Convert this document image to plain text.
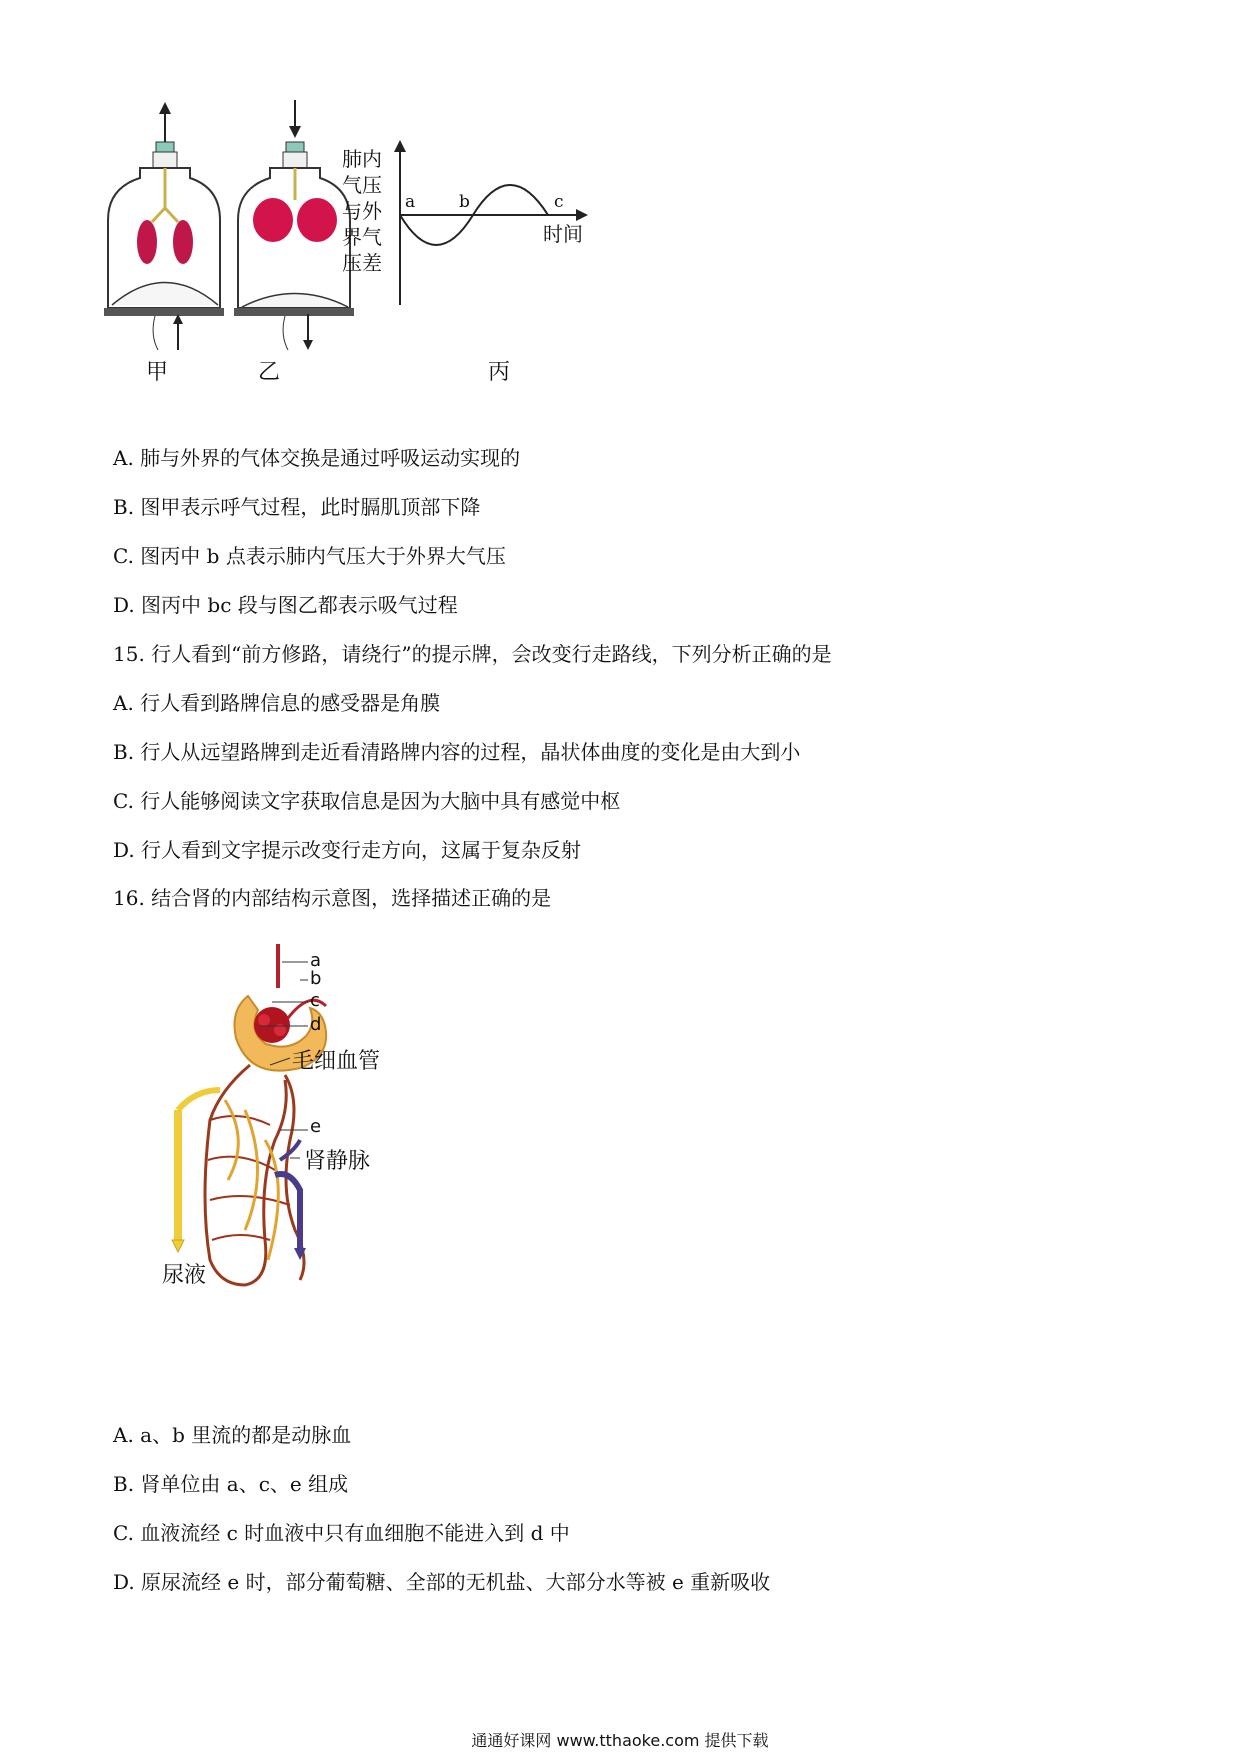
肺内
气压
与外
界气
压差
时间
a	b	c
甲	乙	丙
A. 肺与外界的气体交换是通过呼吸运动实现的
B. 图甲表示呼气过程，此时膈肌顶部下降
C. 图丙中 b 点表示肺内气压大于外界大气压
D. 图丙中 bc 段与图乙都表示吸气过程
15. 行人看到“前方修路，请绕行”的提示牌，会改变行走路线，下列分析正确的是
A. 行人看到路牌信息的感受器是角膜
B. 行人从远望路牌到走近看清路牌内容的过程，晶状体曲度的变化是由大到小
C. 行人能够阅读文字获取信息是因为大脑中具有感觉中枢
D. 行人看到文字提示改变行走方向，这属于复杂反射
16. 结合肾的内部结构示意图，选择描述正确的是
a
b
c
d
毛细血管
e
肾静脉
尿液
A. a、b 里流的都是动脉血
B. 肾单位由 a、c、e 组成
C. 血液流经 c 时血液中只有血细胞不能进入到 d 中
D. 原尿流经 e 时，部分葡萄糖、全部的无机盐、大部分水等被 e 重新吸收
通通好课网 www.tthaoke.com 提供下载
